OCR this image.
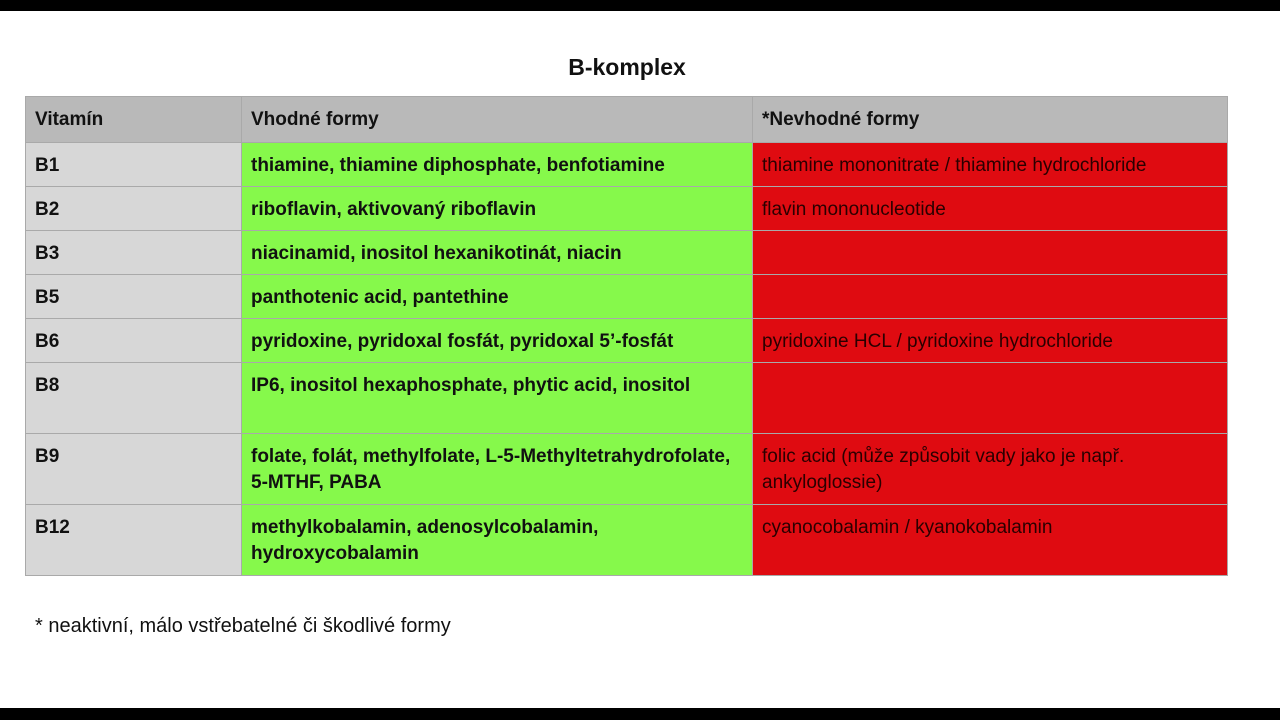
B-komplex
Vitamín	Vhodné formy	*Nevhodné formy
B1	thiamine, thiamine diphosphate, benfotiamine	thiamine mononitrate / thiamine hydrochloride
B2	riboflavin, aktivovaný riboflavin	flavin mononucleotide
B3	niacinamid, inositol hexanikotinát, niacin	
B5	panthotenic acid, pantethine	
B6	pyridoxine, pyridoxal fosfát, pyridoxal 5’-fosfát	pyridoxine HCL / pyridoxine hydrochloride
B8	IP6, inositol hexaphosphate, phytic acid, inositol	
B9	folate, folát, methylfolate, L-5-Methyltetrahydrofolate, 5-MTHF, PABA	folic acid (může způsobit vady jako je např. ankyloglossie)
B12	methylkobalamin, adenosylcobalamin, hydroxycobalamin	cyanocobalamin / kyanokobalamin
* neaktivní, málo vstřebatelné či škodlivé formy
